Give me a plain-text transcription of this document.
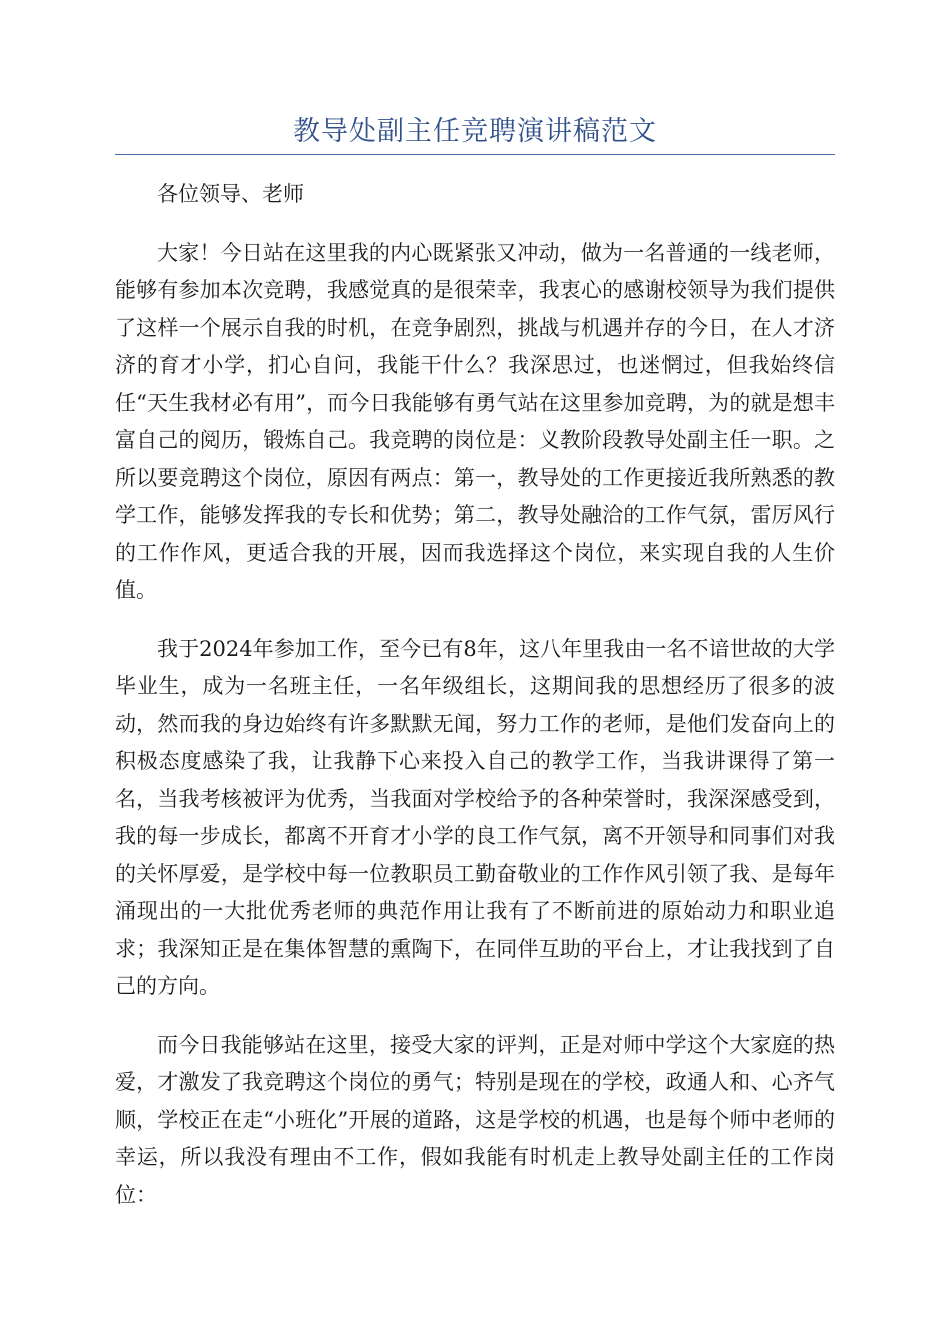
教导处副主任竞聘演讲稿范文

各位领导、老师

大家！今日站在这里我的内心既紧张又冲动，做为一名普通的一线老师，能够有参加本次竞聘，我感觉真的是很荣幸，我衷心的感谢校领导为我们提供了这样一个展示自我的时机，在竞争剧烈，挑战与机遇并存的今日，在人才济济的育才小学，扪心自问，我能干什么？我深思过，也迷惘过，但我始终信任“天生我材必有用”，而今日我能够有勇气站在这里参加竞聘，为的就是想丰富自己的阅历，锻炼自己。我竞聘的岗位是：义教阶段教导处副主任一职。之所以要竞聘这个岗位，原因有两点：第一，教导处的工作更接近我所熟悉的教学工作，能够发挥我的专长和优势；第二，教导处融洽的工作气氛，雷厉风行的工作作风，更适合我的开展，因而我选择这个岗位，来实现自我的人生价值。

我于2024年参加工作，至今已有8年，这八年里我由一名不谙世故的大学毕业生，成为一名班主任，一名年级组长，这期间我的思想经历了很多的波动，然而我的身边始终有许多默默无闻，努力工作的老师，是他们发奋向上的积极态度感染了我，让我静下心来投入自己的教学工作，当我讲课得了第一名，当我考核被评为优秀，当我面对学校给予的各种荣誉时，我深深感受到，我的每一步成长，都离不开育才小学的良工作气氛，离不开领导和同事们对我的关怀厚爱，是学校中每一位教职员工勤奋敬业的工作作风引领了我、是每年涌现出的一大批优秀老师的典范作用让我有了不断前进的原始动力和职业追求；我深知正是在集体智慧的熏陶下，在同伴互助的平台上，才让我找到了自己的方向。

而今日我能够站在这里，接受大家的评判，正是对师中学这个大家庭的热爱，才激发了我竞聘这个岗位的勇气；特别是现在的学校，政通人和、心齐气顺，学校正在走“小班化”开展的道路，这是学校的机遇，也是每个师中老师的幸运，所以我没有理由不工作，假如我能有时机走上教导处副主任的工作岗位：
